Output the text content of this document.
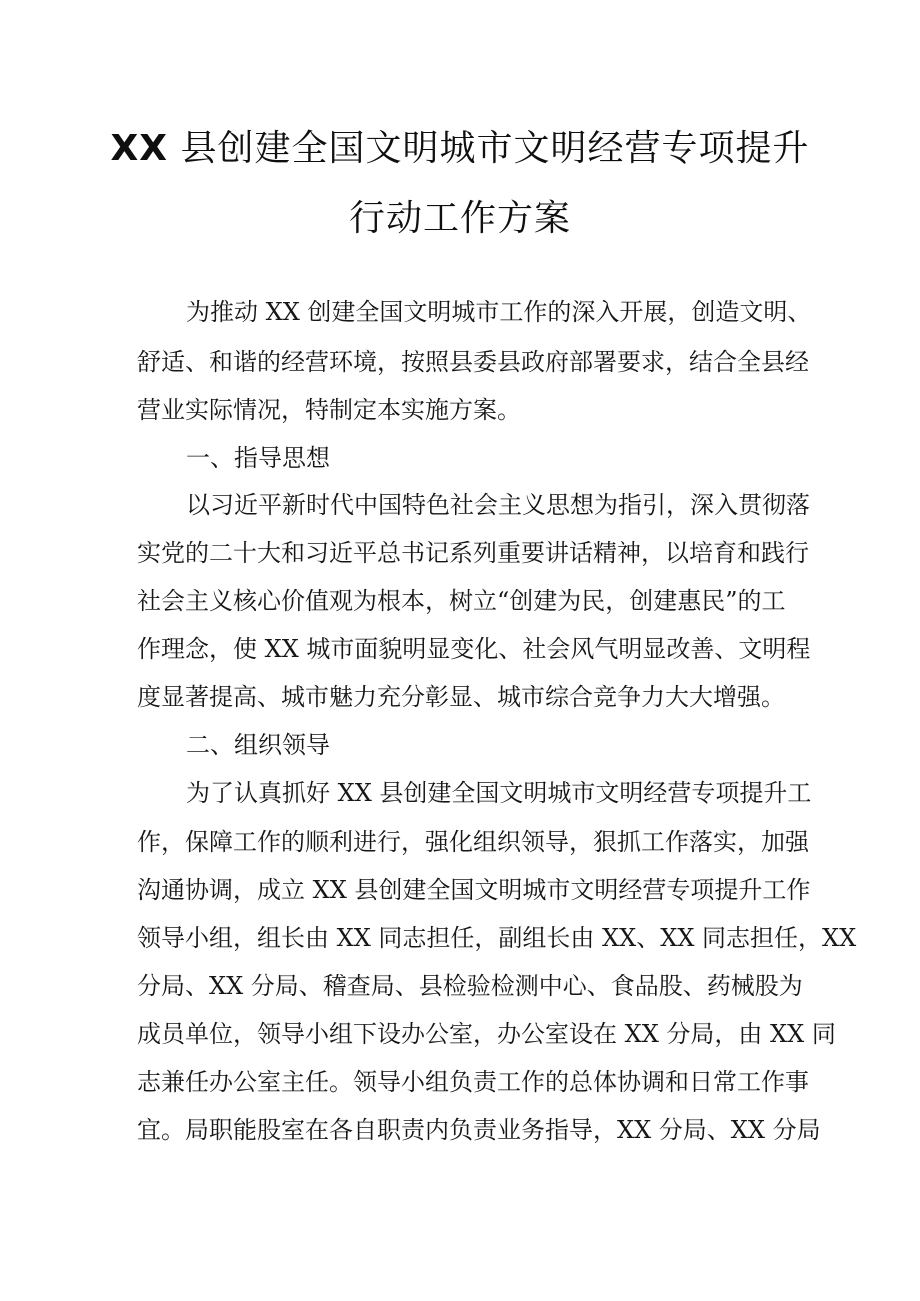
XX 县创建全国文明城市文明经营专项提升
行动工作方案
为推动 XX 创建全国文明城市工作的深入开展，创造文明、
舒适、和谐的经营环境，按照县委县政府部署要求，结合全县经
营业实际情况，特制定本实施方案。
一、指导思想
以习近平新时代中国特色社会主义思想为指引，深入贯彻落
实党的二十大和习近平总书记系列重要讲话精神，以培育和践行
社会主义核心价值观为根本，树立“创建为民，创建惠民”的工
作理念，使 XX 城市面貌明显变化、社会风气明显改善、文明程
度显著提高、城市魅力充分彰显、城市综合竞争力大大增强。
二、组织领导
为了认真抓好 XX 县创建全国文明城市文明经营专项提升工
作，保障工作的顺利进行，强化组织领导，狠抓工作落实，加强
沟通协调，成立 XX 县创建全国文明城市文明经营专项提升工作
领导小组，组长由 XX 同志担任，副组长由 XX、XX 同志担任，XX
分局、XX 分局、稽查局、县检验检测中心、食品股、药械股为
成员单位，领导小组下设办公室，办公室设在 XX 分局，由 XX 同
志兼任办公室主任。领导小组负责工作的总体协调和日常工作事
宜。局职能股室在各自职责内负责业务指导，XX 分局、XX 分局
